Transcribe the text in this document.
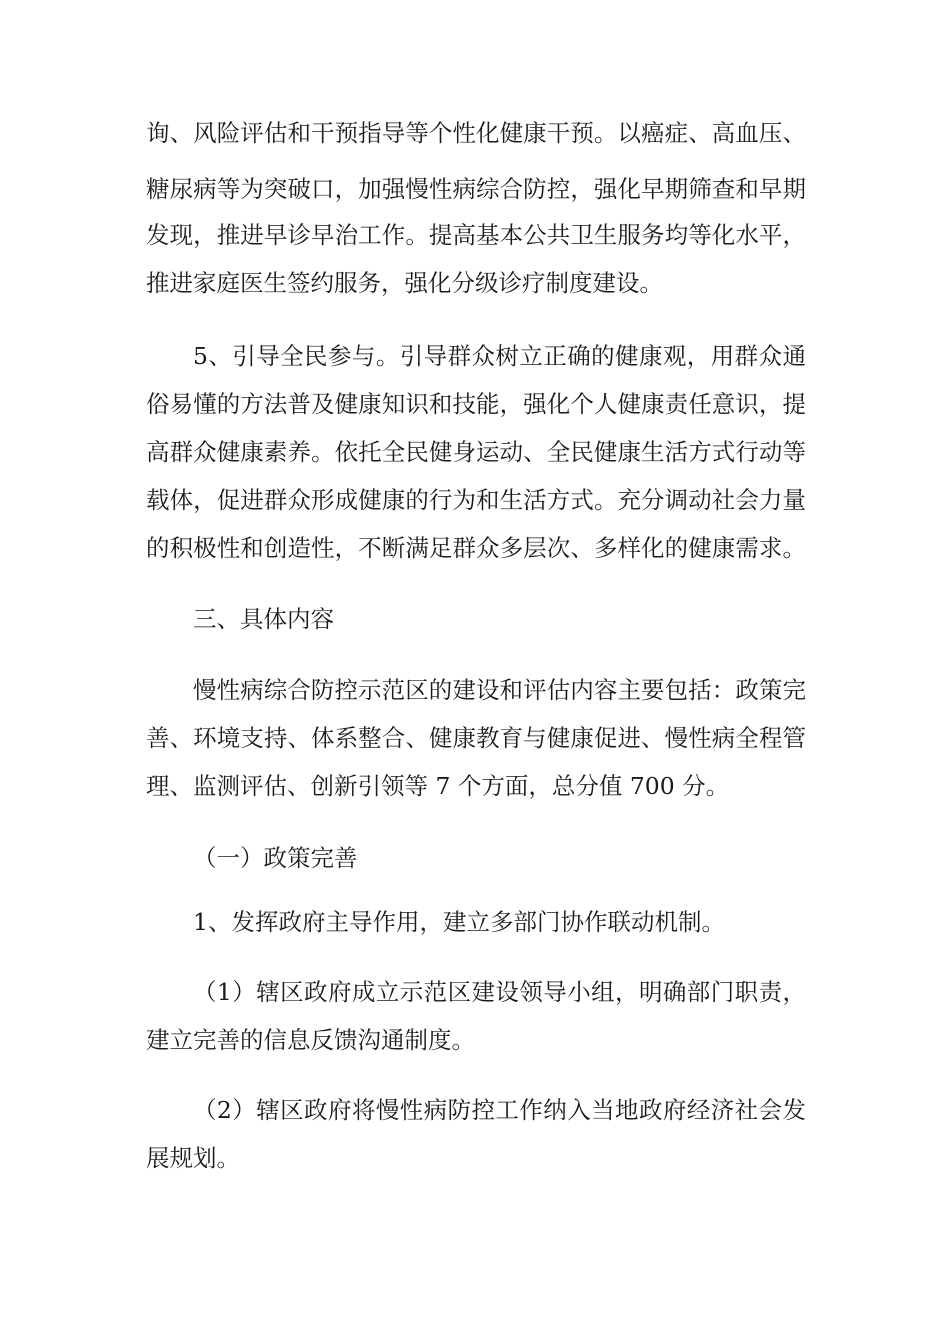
询、风险评估和干预指导等个性化健康干预。以癌症、高血压、
糖尿病等为突破口，加强慢性病综合防控，强化早期筛查和早期
发现，推进早诊早治工作。提高基本公共卫生服务均等化水平，
推进家庭医生签约服务，强化分级诊疗制度建设。
5、引导全民参与。引导群众树立正确的健康观，用群众通
俗易懂的方法普及健康知识和技能，强化个人健康责任意识，提
高群众健康素养。依托全民健身运动、全民健康生活方式行动等
载体，促进群众形成健康的行为和生活方式。充分调动社会力量
的积极性和创造性，不断满足群众多层次、多样化的健康需求。
三、具体内容
慢性病综合防控示范区的建设和评估内容主要包括：政策完
善、环境支持、体系整合、健康教育与健康促进、慢性病全程管
理、监测评估、创新引领等 7 个方面，总分值 700 分。
（一）政策完善
1、发挥政府主导作用，建立多部门协作联动机制。
（1）辖区政府成立示范区建设领导小组，明确部门职责，
建立完善的信息反馈沟通制度。
（2）辖区政府将慢性病防控工作纳入当地政府经济社会发
展规划。
